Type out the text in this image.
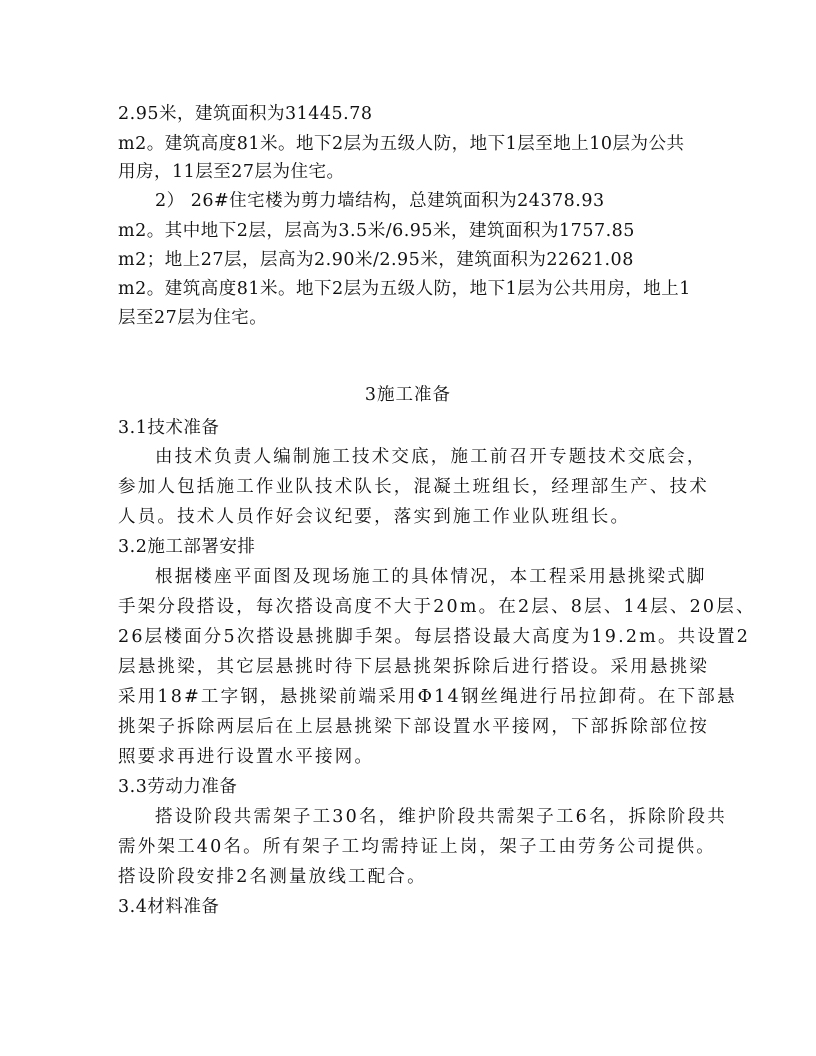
2.95米，建筑面积为31445.78
m2。建筑高度81米。地下2层为五级人防，地下1层至地上10层为公共
用房，11层至27层为住宅。
2） 26#住宅楼为剪力墙结构，总建筑面积为24378.93
m2。其中地下2层，层高为3.5米/6.95米，建筑面积为1757.85
m2；地上27层，层高为2.90米/2.95米，建筑面积为22621.08
m2。建筑高度81米。地下2层为五级人防，地下1层为公共用房，地上1
层至27层为住宅。
3施工准备
3.1技术准备
由技术负责人编制施工技术交底，施工前召开专题技术交底会，
参加人包括施工作业队技术队长，混凝土班组长，经理部生产、技术
人员。技术人员作好会议纪要，落实到施工作业队班组长。
3.2施工部署安排
根据楼座平面图及现场施工的具体情况，本工程采用悬挑梁式脚
手架分段搭设，每次搭设高度不大于20m。在2层、8层、14层、20层、
26层楼面分5次搭设悬挑脚手架。每层搭设最大高度为19.2m。共设置2
层悬挑梁，其它层悬挑时待下层悬挑架拆除后进行搭设。采用悬挑梁
采用18#工字钢，悬挑梁前端采用Φ14钢丝绳进行吊拉卸荷。在下部悬
挑架子拆除两层后在上层悬挑梁下部设置水平接网，下部拆除部位按
照要求再进行设置水平接网。
3.3劳动力准备
搭设阶段共需架子工30名，维护阶段共需架子工6名，拆除阶段共
需外架工40名。所有架子工均需持证上岗，架子工由劳务公司提供。
搭设阶段安排2名测量放线工配合。
3.4材料准备
